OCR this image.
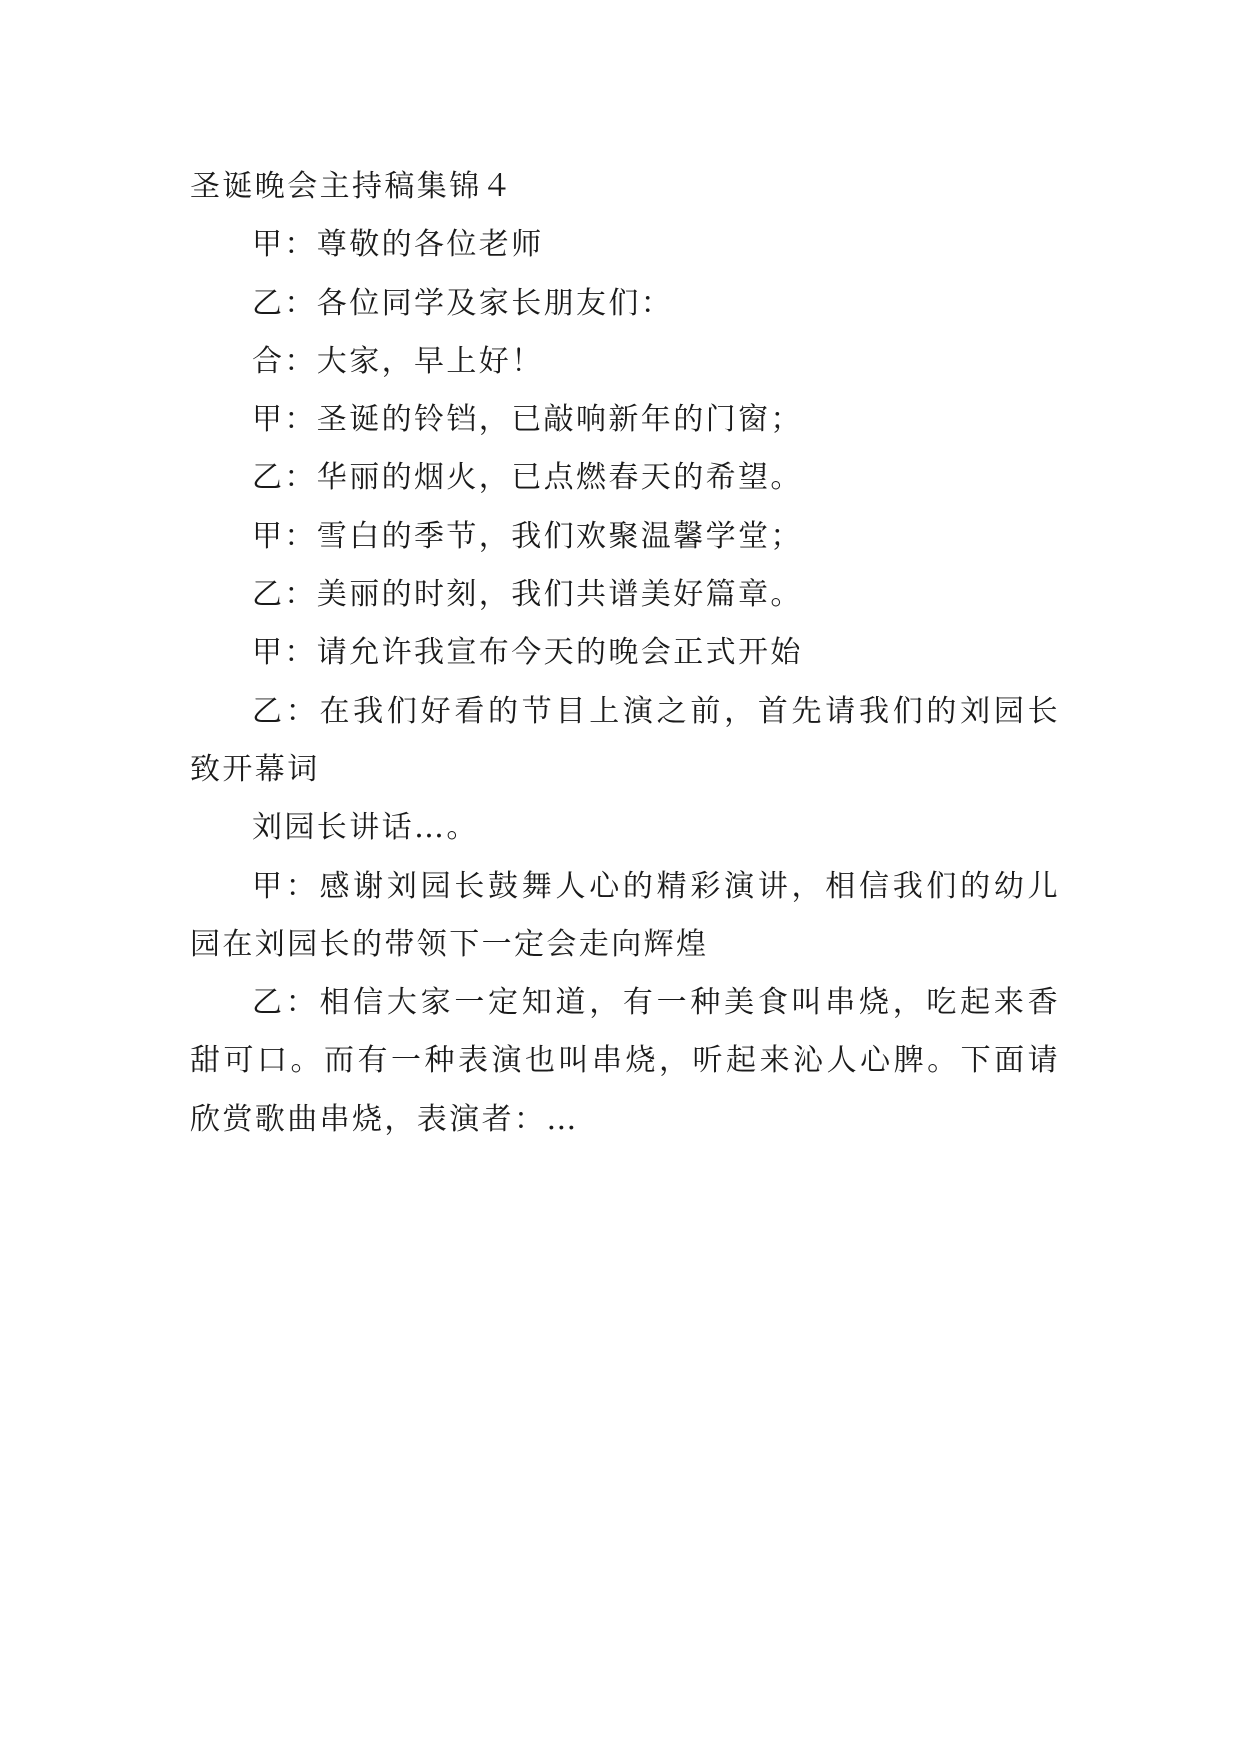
圣诞晚会主持稿集锦４

甲：尊敬的各位老师

乙：各位同学及家长朋友们：

合：大家，早上好！

甲：圣诞的铃铛，已敲响新年的门窗；

乙：华丽的烟火，已点燃春天的希望。

甲：雪白的季节，我们欢聚温馨学堂；

乙：美丽的时刻，我们共谱美好篇章。

甲：请允许我宣布今天的晚会正式开始

乙：在我们好看的节目上演之前，首先请我们的刘园长致开幕词

刘园长讲话…。

甲：感谢刘园长鼓舞人心的精彩演讲，相信我们的幼儿园在刘园长的带领下一定会走向辉煌

乙：相信大家一定知道，有一种美食叫串烧，吃起来香甜可口。而有一种表演也叫串烧，听起来沁人心脾。下面请欣赏歌曲串烧，表演者：…
